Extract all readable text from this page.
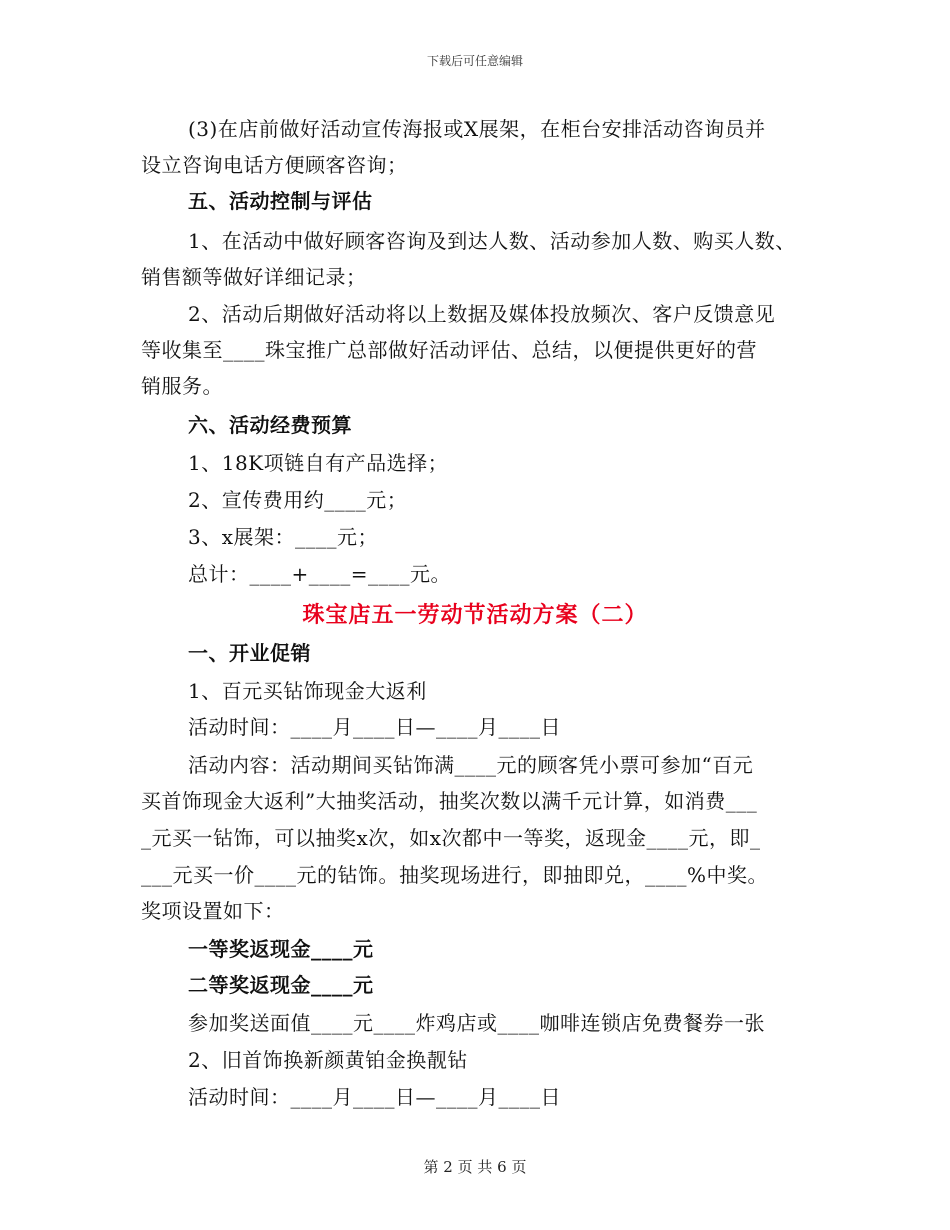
下载后可任意编辑
(3)在店前做好活动宣传海报或X展架，在柜台安排活动咨询员并
设立咨询电话方便顾客咨询；
五、活动控制与评估
1、在活动中做好顾客咨询及到达人数、活动参加人数、购买人数、
销售额等做好详细记录；
2、活动后期做好活动将以上数据及媒体投放频次、客户反馈意见
等收集至____珠宝推广总部做好活动评估、总结，以便提供更好的营
销服务。
六、活动经费预算
1、18K项链自有产品选择；
2、宣传费用约____元；
3、x展架：____元；
总计：____+____=____元。
珠宝店五一劳动节活动方案（二）
一、开业促销
1、百元买钻饰现金大返利
活动时间：____月____日—____月____日
活动内容：活动期间买钻饰满____元的顾客凭小票可参加“百元
买首饰现金大返利”大抽奖活动，抽奖次数以满千元计算，如消费___
_元买一钻饰，可以抽奖x次，如x次都中一等奖，返现金____元，即_
___元买一价____元的钻饰。抽奖现场进行，即抽即兑，____%中奖。
奖项设置如下：
一等奖返现金____元
二等奖返现金____元
参加奖送面值____元____炸鸡店或____咖啡连锁店免费餐券一张
2、旧首饰换新颜黄铂金换靓钻
活动时间：____月____日—____月____日
第 2 页 共 6 页
